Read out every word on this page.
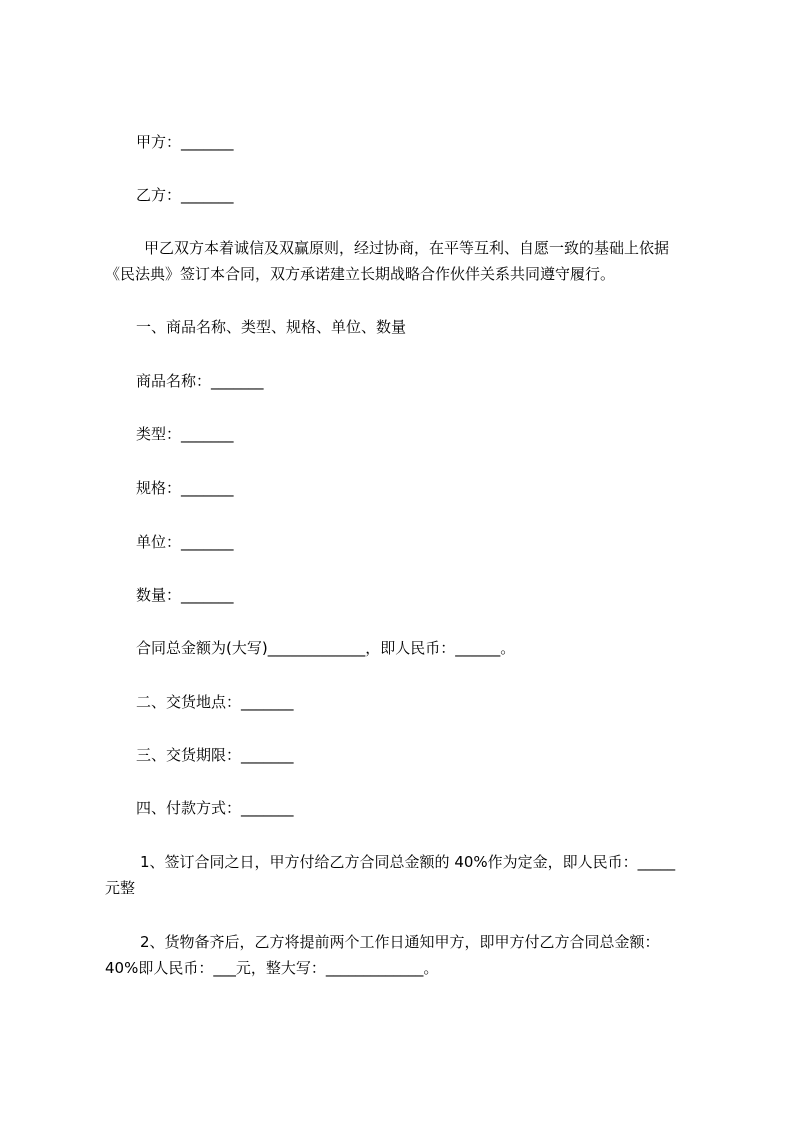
甲方：_______
乙方：_______
甲乙双方本着诚信及双赢原则，经过协商，在平等互利、自愿一致的基础上依据
《民法典》签订本合同，双方承诺建立长期战略合作伙伴关系共同遵守履行。
一、商品名称、类型、规格、单位、数量
商品名称：_______
类型：_______
规格：_______
单位：_______
数量：_______
合同总金额为(大写)_____________，即人民币：______。
二、交货地点：_______
三、交货期限：_______
四、付款方式：_______
1、签订合同之日，甲方付给乙方合同总金额的 40%作为定金，即人民币：_____
元整
2、货物备齐后，乙方将提前两个工作日通知甲方，即甲方付乙方合同总金额：
40%即人民币：___元，整大写：_____________。
